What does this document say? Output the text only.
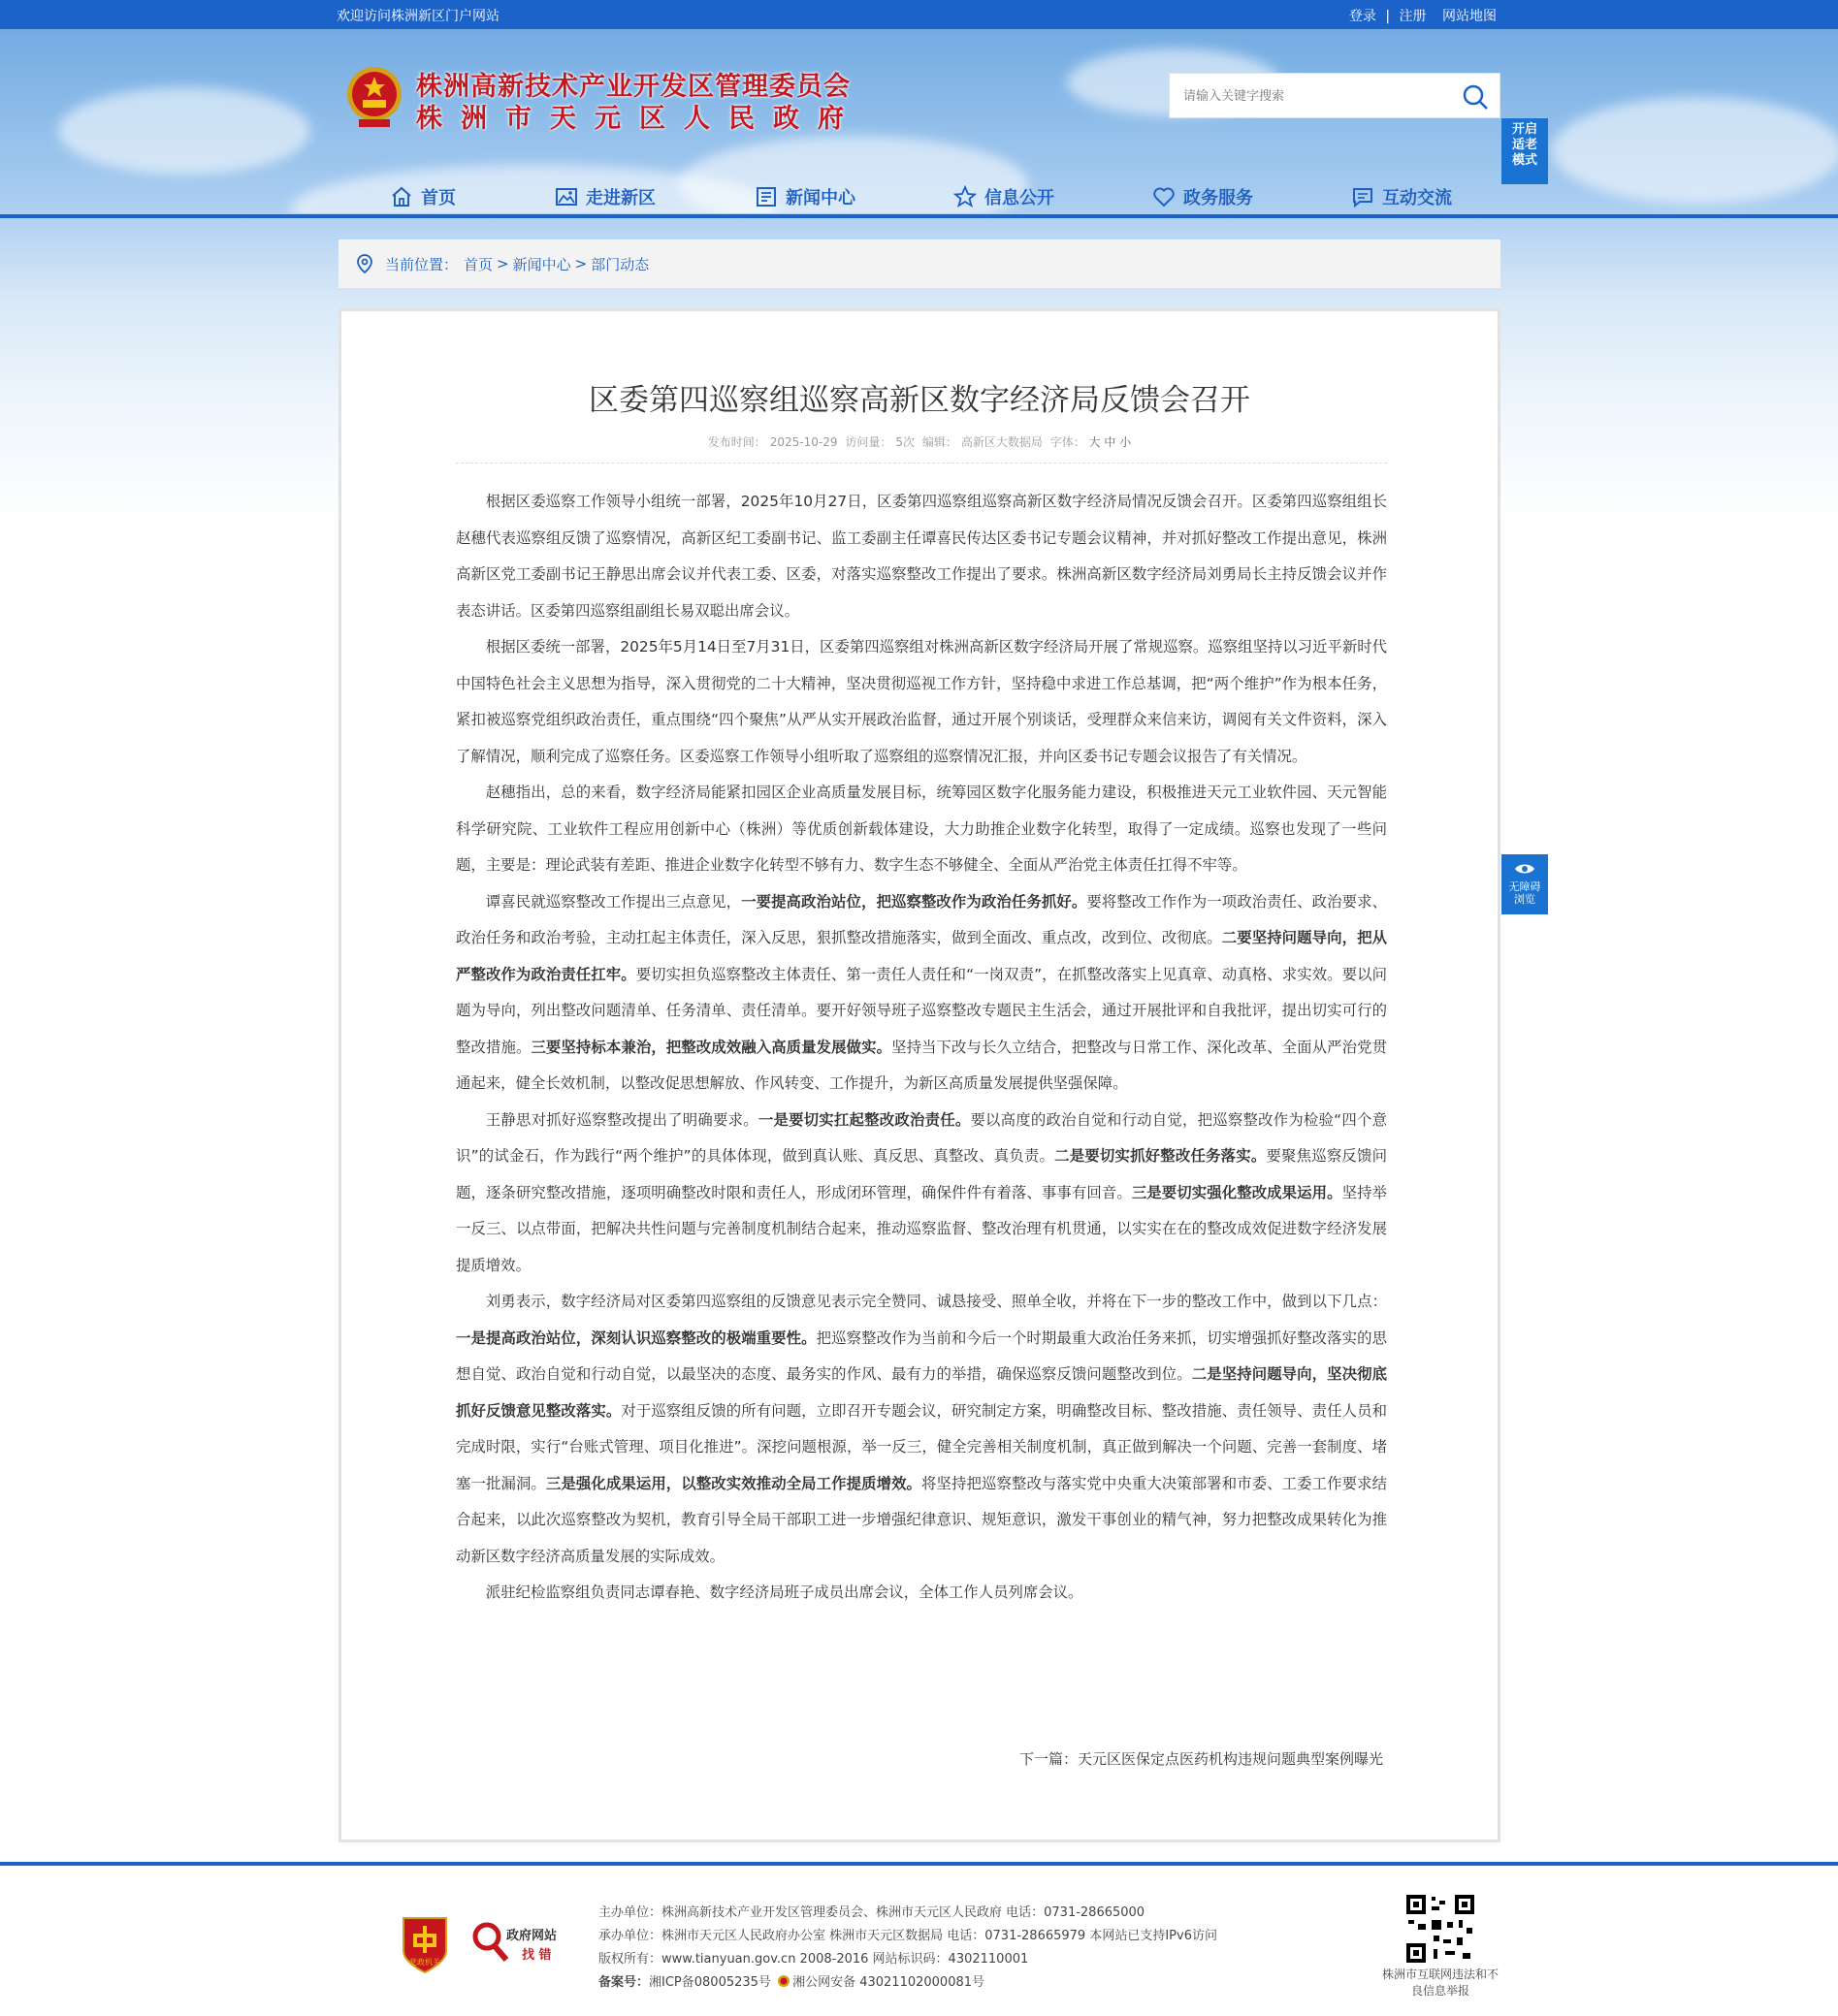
欢迎访问株洲新区门户网站	登录 | 注册 网站地图
株洲高新技术产业开发区管理委员会
株洲市天元区人民政府
请输入关键字搜索	开启适老模式
首页	走进新区	新闻中心	信息公开	政务服务	互动交流
当前位置： 首页 > 新闻中心 > 部门动态
区委第四巡察组巡察高新区数字经济局反馈会召开
发布时间： 2025-10-29 访问量： 5次 编辑： 高新区大数据局 字体： 大 中 小

根据区委巡察工作领导小组统一部署，2025年10月27日，区委第四巡察组巡察高新区数字经济局情况反馈会召开。区委第四巡察组组长赵穗代表巡察组反馈了巡察情况，高新区纪工委副书记、监工委副主任谭喜民传达区委书记专题会议精神，并对抓好整改工作提出意见，株洲高新区党工委副书记王静思出席会议并代表工委、区委，对落实巡察整改工作提出了要求。株洲高新区数字经济局刘勇局长主持反馈会议并作表态讲话。区委第四巡察组副组长易双聪出席会议。

根据区委统一部署，2025年5月14日至7月31日，区委第四巡察组对株洲高新区数字经济局开展了常规巡察。巡察组坚持以习近平新时代中国特色社会主义思想为指导，深入贯彻党的二十大精神，坚决贯彻巡视工作方针，坚持稳中求进工作总基调，把“两个维护”作为根本任务，紧扣被巡察党组织政治责任，重点围绕“四个聚焦”从严从实开展政治监督，通过开展个别谈话，受理群众来信来访，调阅有关文件资料，深入了解情况，顺利完成了巡察任务。区委巡察工作领导小组听取了巡察组的巡察情况汇报，并向区委书记专题会议报告了有关情况。

赵穗指出，总的来看，数字经济局能紧扣园区企业高质量发展目标，统筹园区数字化服务能力建设，积极推进天元工业软件园、天元智能科学研究院、工业软件工程应用创新中心（株洲）等优质创新载体建设，大力助推企业数字化转型，取得了一定成绩。巡察也发现了一些问题，主要是：理论武装有差距、推进企业数字化转型不够有力、数字生态不够健全、全面从严治党主体责任扛得不牢等。

谭喜民就巡察整改工作提出三点意见，一要提高政治站位，把巡察整改作为政治任务抓好。要将整改工作作为一项政治责任、政治要求、政治任务和政治考验，主动扛起主体责任，深入反思，狠抓整改措施落实，做到全面改、重点改，改到位、改彻底。二要坚持问题导向，把从严整改作为政治责任扛牢。要切实担负巡察整改主体责任、第一责任人责任和“一岗双责”，在抓整改落实上见真章、动真格、求实效。要以问题为导向，列出整改问题清单、任务清单、责任清单。要开好领导班子巡察整改专题民主生活会，通过开展批评和自我批评，提出切实可行的整改措施。三要坚持标本兼治，把整改成效融入高质量发展做实。坚持当下改与长久立结合，把整改与日常工作、深化改革、全面从严治党贯通起来，健全长效机制，以整改促思想解放、作风转变、工作提升，为新区高质量发展提供坚强保障。

王静思对抓好巡察整改提出了明确要求。一是要切实扛起整改政治责任。要以高度的政治自觉和行动自觉，把巡察整改作为检验“四个意识”的试金石，作为践行“两个维护”的具体体现，做到真认账、真反思、真整改、真负责。二是要切实抓好整改任务落实。要聚焦巡察反馈问题，逐条研究整改措施，逐项明确整改时限和责任人，形成闭环管理，确保件件有着落、事事有回音。三是要切实强化整改成果运用。坚持举一反三、以点带面，把解决共性问题与完善制度机制结合起来，推动巡察监督、整改治理有机贯通，以实实在在的整改成效促进数字经济发展提质增效。

刘勇表示，数字经济局对区委第四巡察组的反馈意见表示完全赞同、诚恳接受、照单全收，并将在下一步的整改工作中，做到以下几点：一是提高政治站位，深刻认识巡察整改的极端重要性。把巡察整改作为当前和今后一个时期最重大政治任务来抓，切实增强抓好整改落实的思想自觉、政治自觉和行动自觉，以最坚决的态度、最务实的作风、最有力的举措，确保巡察反馈问题整改到位。二是坚持问题导向，坚决彻底抓好反馈意见整改落实。对于巡察组反馈的所有问题，立即召开专题会议，研究制定方案，明确整改目标、整改措施、责任领导、责任人员和完成时限，实行“台账式管理、项目化推进”。深挖问题根源，举一反三，健全完善相关制度机制，真正做到解决一个问题、完善一套制度、堵塞一批漏洞。三是强化成果运用，以整改实效推动全局工作提质增效。将坚持把巡察整改与落实党中央重大决策部署和市委、工委工作要求结合起来，以此次巡察整改为契机，教育引导全局干部职工进一步增强纪律意识、规矩意识，激发干事创业的精气神，努力把整改成果转化为推动新区数字经济高质量发展的实际成效。

派驻纪检监察组负责同志谭春艳、数字经济局班子成员出席会议，全体工作人员列席会议。

下一篇：天元区医保定点医药机构违规问题典型案例曝光
无障碍浏览
党政机关
政府网站
找 错
主办单位：株洲高新技术产业开发区管理委员会、株洲市天元区人民政府 电话：0731-28665000
承办单位：株洲市天元区人民政府办公室 株洲市天元区数据局 电话：0731-28665979 本网站已支持IPv6访问
版权所有：www.tianyuan.gov.cn 2008-2016 网站标识码：4302110001
备案号：湘ICP备08005235号 湘公网安备 43021102000081号
株洲市互联网违法和不良信息举报
